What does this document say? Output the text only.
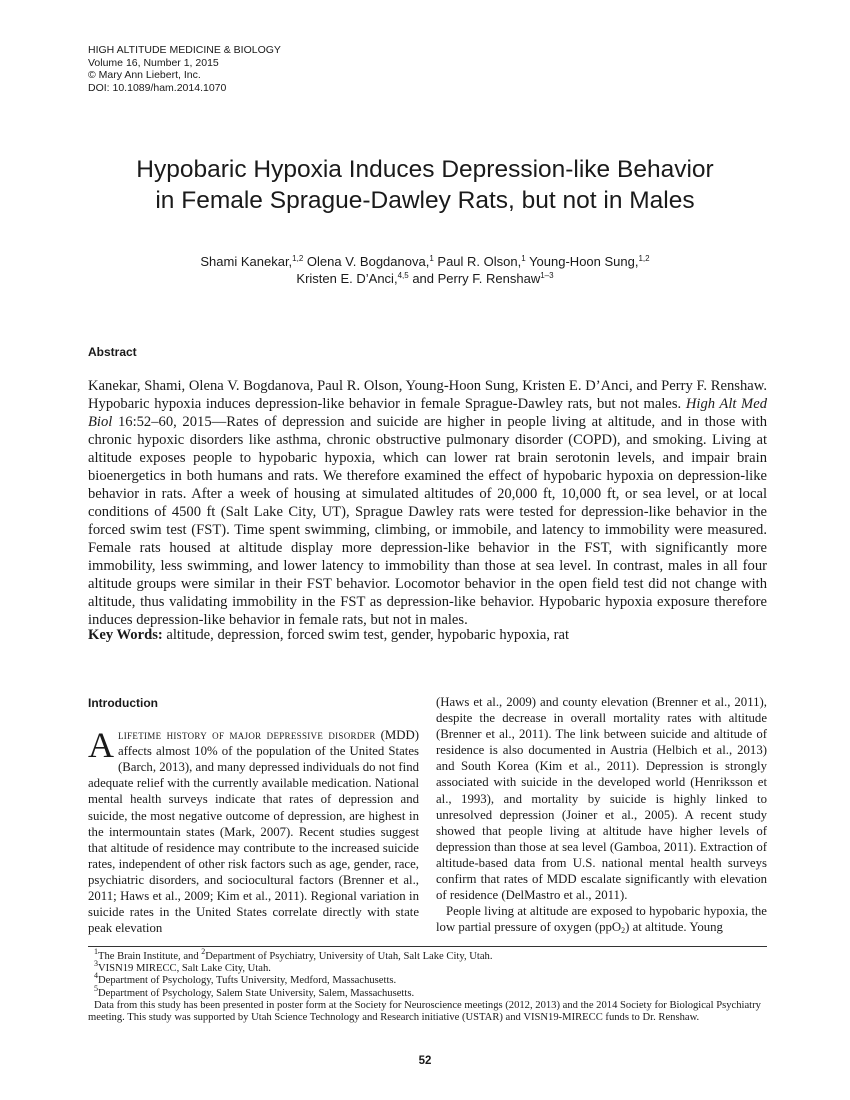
HIGH ALTITUDE MEDICINE & BIOLOGY
Volume 16, Number 1, 2015
© Mary Ann Liebert, Inc.
DOI: 10.1089/ham.2014.1070
Hypobaric Hypoxia Induces Depression-like Behavior
in Female Sprague-Dawley Rats, but not in Males
Shami Kanekar,$^{1,2}$ Olena V. Bogdanova,$^1$ Paul R. Olson,$^1$ Young-Hoon Sung,$^{1,2}$
Kristen E. D’Anci,$^{4,5}$ and Perry F. Renshaw$^{1-3}$
Abstract

Kanekar, Shami, Olena V. Bogdanova, Paul R. Olson, Young-Hoon Sung, Kristen E. D’Anci, and Perry F. Renshaw. Hypobaric hypoxia induces depression-like behavior in female Sprague-Dawley rats, but not males. High Alt Med Biol 16:52–60, 2015—Rates of depression and suicide are higher in people living at altitude, and in those with chronic hypoxic disorders like asthma, chronic obstructive pulmonary disorder (COPD), and smoking. Living at altitude exposes people to hypobaric hypoxia, which can lower rat brain serotonin levels, and impair brain bioenergetics in both humans and rats. We therefore examined the effect of hypobaric hypoxia on depression-like behavior in rats. After a week of housing at simulated altitudes of 20,000 ft, 10,000 ft, or sea level, or at local conditions of 4500 ft (Salt Lake City, UT), Sprague Dawley rats were tested for depression-like behavior in the forced swim test (FST). Time spent swimming, climbing, or immobile, and latency to immobility were measured. Female rats housed at altitude display more depression-like behavior in the FST, with significantly more immobility, less swimming, and lower latency to immobility than those at sea level. In contrast, males in all four altitude groups were similar in their FST behavior. Locomotor behavior in the open field test did not change with altitude, thus validating immobility in the FST as depression-like behavior. Hypobaric hypoxia exposure therefore induces depression-like behavior in female rats, but not in males.

Key Words: altitude, depression, forced swim test, gender, hypobaric hypoxia, rat
Introduction

Alifetime history of major depressive disorder (MDD) affects almost 10% of the population of the United States (Barch, 2013), and many depressed individuals do not find adequate relief with the currently available medication. National mental health surveys indicate that rates of depression and suicide, the most negative outcome of depression, are highest in the intermountain states (Mark, 2007). Recent studies suggest that altitude of residence may contribute to the increased suicide rates, independent of other risk factors such as age, gender, race, psychiatric disorders, and sociocultural factors (Brenner et al., 2011; Haws et al., 2009; Kim et al., 2011). Regional variation in suicide rates in the United States correlate directly with state peak elevation

(Haws et al., 2009) and county elevation (Brenner et al., 2011), despite the decrease in overall mortality rates with altitude (Brenner et al., 2011). The link between suicide and altitude of residence is also documented in Austria (Helbich et al., 2013) and South Korea (Kim et al., 2011). Depression is strongly associated with suicide in the developed world (Henriksson et al., 1993), and mortality by suicide is highly linked to unresolved depression (Joiner et al., 2005). A recent study showed that people living at altitude have higher levels of depression than those at sea level (Gamboa, 2011). Extraction of altitude-based data from U.S. national mental health surveys confirm that rates of MDD escalate significantly with elevation of residence (DelMastro et al., 2011).

People living at altitude are exposed to hypobaric hypoxia, the low partial pressure of oxygen (ppO$_2$) at altitude. Young

$^1$The Brain Institute, and $^2$Department of Psychiatry, University of Utah, Salt Lake City, Utah.

$^3$VISN19 MIRECC, Salt Lake City, Utah.

$^4$Department of Psychology, Tufts University, Medford, Massachusetts.

$^5$Department of Psychology, Salem State University, Salem, Massachusetts.

Data from this study has been presented in poster form at the Society for Neuroscience meetings (2012, 2013) and the 2014 Society for Biological Psychiatry meeting. This study was supported by Utah Science Technology and Research initiative (USTAR) and VISN19-MIRECC funds to Dr. Renshaw.

52
